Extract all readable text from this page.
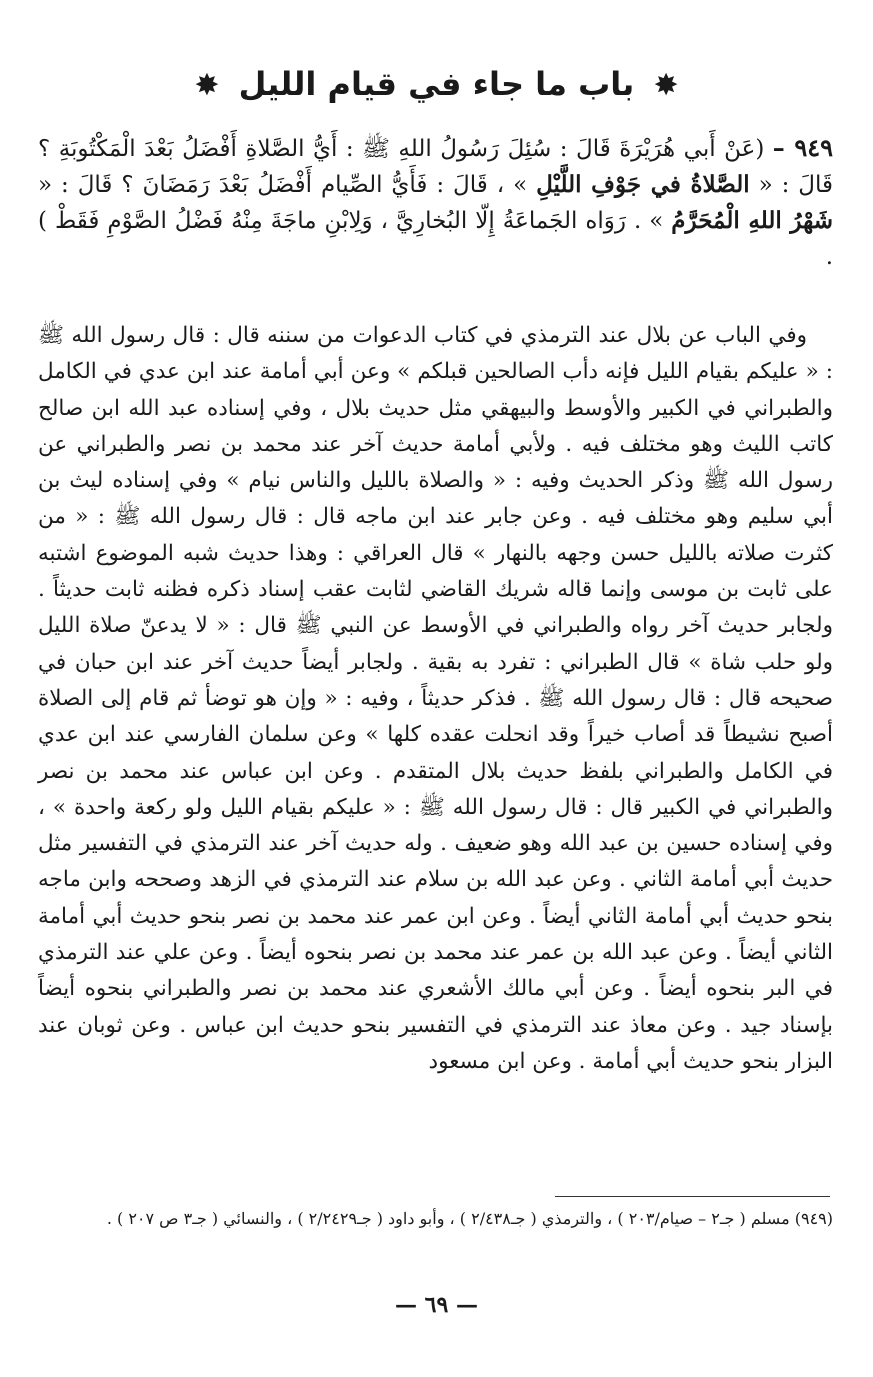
✸ باب ما جاء في قيام الليل ✸
٩٤٩ – (عَنْ أَبي هُرَيْرَةَ قَالَ : سُئِلَ رَسُولُ اللهِ ﷺ : أَيُّ الصَّلاةِ أَفْضَلُ بَعْدَ الْمَكْتُوبَةِ ؟ قَالَ : « الصَّلاةُ في جَوْفِ اللَّيْلِ » ، قَالَ : فَأَيُّ الصِّيام أَفْضَلُ بَعْدَ رَمَضَانَ ؟ قَالَ : « شَهْرُ اللهِ الْمُحَرَّمُ » . رَوَاه الجَماعَةُ إِلّا البُخارِيَّ ، وَلِابْنِ ماجَةَ مِنْهُ فَضْلُ الصَّوْمِ فَقَطْ ) .

وفي الباب عن بلال عند الترمذي في كتاب الدعوات من سننه قال : قال رسول الله ﷺ : « عليكم بقيام الليل فإنه دأب الصالحين قبلكم » وعن أبي أمامة عند ابن عدي في الكامل والطبراني في الكبير والأوسط والبيهقي مثل حديث بلال ، وفي إسناده عبد الله ابن صالح كاتب الليث وهو مختلف فيه . ولأبي أمامة حديث آخر عند محمد بن نصر والطبراني عن رسول الله ﷺ وذكر الحديث وفيه : « والصلاة بالليل والناس نيام » وفي إسناده ليث بن أبي سليم وهو مختلف فيه . وعن جابر عند ابن ماجه قال : قال رسول الله ﷺ : « من كثرت صلاته بالليل حسن وجهه بالنهار » قال العراقي : وهذا حديث شبه الموضوع اشتبه على ثابت بن موسى وإنما قاله شريك القاضي لثابت عقب إسناد ذكره فظنه ثابت حديثاً . ولجابر حديث آخر رواه والطبراني في الأوسط عن النبي ﷺ قال : « لا يدعنّ صلاة الليل ولو حلب شاة » قال الطبراني : تفرد به بقية . ولجابر أيضاً حديث آخر عند ابن حبان في صحيحه قال : قال رسول الله ﷺ . فذكر حديثاً ، وفيه : « وإن هو توضأ ثم قام إلى الصلاة أصبح نشيطاً قد أصاب خيراً وقد انحلت عقده كلها » وعن سلمان الفارسي عند ابن عدي في الكامل والطبراني بلفظ حديث بلال المتقدم . وعن ابن عباس عند محمد بن نصر والطبراني في الكبير قال : قال رسول الله ﷺ : « عليكم بقيام الليل ولو ركعة واحدة » ، وفي إسناده حسين بن عبد الله وهو ضعيف . وله حديث آخر عند الترمذي في التفسير مثل حديث أبي أمامة الثاني . وعن عبد الله بن سلام عند الترمذي في الزهد وصححه وابن ماجه بنحو حديث أبي أمامة الثاني أيضاً . وعن ابن عمر عند محمد بن نصر بنحو حديث أبي أمامة الثاني أيضاً . وعن عبد الله بن عمر عند محمد بن نصر بنحوه أيضاً . وعن علي عند الترمذي في البر بنحوه أيضاً . وعن أبي مالك الأشعري عند محمد بن نصر والطبراني بنحوه أيضاً بإسناد جيد . وعن معاذ عند الترمذي في التفسير بنحو حديث ابن عباس . وعن ثوبان عند البزار بنحو حديث أبي أمامة . وعن ابن مسعود

(٩٤٩) مسلم ( جـ٢ – صيام/٢٠٣ ) ، والترمذي ( جـ٢/٤٣٨ ) ، وأبو داود ( جـ٢/٢٤٢٩ ) ، والنسائي ( جـ٣ ص ٢٠٧ ) .
— ٦٩ —
